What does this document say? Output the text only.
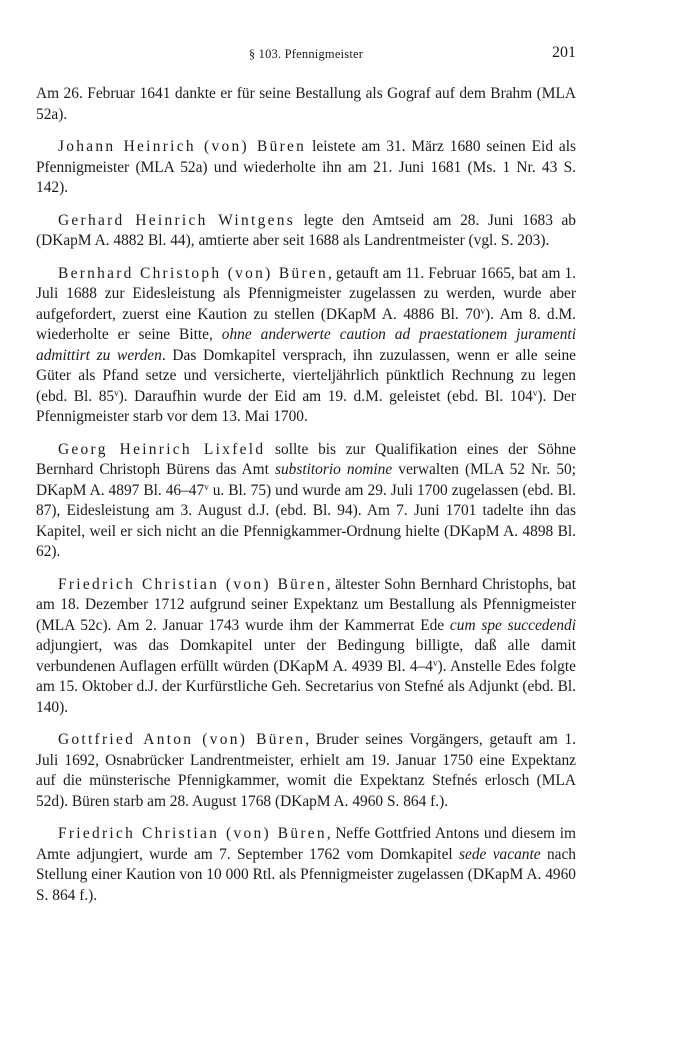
§ 103. Pfennigmeister	201

Am 26. Februar 1641 dankte er für seine Bestallung als Gograf auf dem Brahm (MLA 52a).

Johann Heinrich (von) Büren leistete am 31. März 1680 seinen Eid als Pfennigmeister (MLA 52a) und wiederholte ihn am 21. Juni 1681 (Ms. 1 Nr. 43 S. 142).

Gerhard Heinrich Wintgens legte den Amtseid am 28. Juni 1683 ab (DKapM A. 4882 Bl. 44), amtierte aber seit 1688 als Landrentmeister (vgl. S. 203).

Bernhard Christoph (von) Büren, getauft am 11. Februar 1665, bat am 1. Juli 1688 zur Eidesleistung als Pfennigmeister zugelassen zu werden, wurde aber aufgefordert, zuerst eine Kaution zu stellen (DKapM A. 4886 Bl. 70$^v$). Am 8. d.M. wiederholte er seine Bitte, ohne anderwerte caution ad praestationem juramenti admittirt zu werden. Das Domkapitel versprach, ihn zuzulassen, wenn er alle seine Güter als Pfand setze und versicherte, vierteljährlich pünktlich Rechnung zu legen (ebd. Bl. 85$^v$). Daraufhin wurde der Eid am 19. d.M. geleistet (ebd. Bl. 104$^v$). Der Pfennigmeister starb vor dem 13. Mai 1700.

Georg Heinrich Lixfeld sollte bis zur Qualifikation eines der Söhne Bernhard Christoph Bürens das Amt substitorio nomine verwalten (MLA 52 Nr. 50; DKapM A. 4897 Bl. 46–47$^v$ u. Bl. 75) und wurde am 29. Juli 1700 zugelassen (ebd. Bl. 87), Eidesleistung am 3. August d.J. (ebd. Bl. 94). Am 7. Juni 1701 tadelte ihn das Kapitel, weil er sich nicht an die Pfennigkammer-Ordnung hielte (DKapM A. 4898 Bl. 62).

Friedrich Christian (von) Büren, ältester Sohn Bernhard Christophs, bat am 18. Dezember 1712 aufgrund seiner Expektanz um Bestallung als Pfennigmeister (MLA 52c). Am 2. Januar 1743 wurde ihm der Kammerrat Ede cum spe succedendi adjungiert, was das Domkapitel unter der Bedingung billigte, daß alle damit verbundenen Auflagen erfüllt würden (DKapM A. 4939 Bl. 4–4$^v$). Anstelle Edes folgte am 15. Oktober d.J. der Kurfürstliche Geh. Secretarius von Stefné als Adjunkt (ebd. Bl. 140).

Gottfried Anton (von) Büren, Bruder seines Vorgängers, getauft am 1. Juli 1692, Osnabrücker Landrentmeister, erhielt am 19. Januar 1750 eine Expektanz auf die münsterische Pfennigkammer, womit die Expektanz Stefnés erlosch (MLA 52d). Büren starb am 28. August 1768 (DKapM A. 4960 S. 864 f.).

Friedrich Christian (von) Büren, Neffe Gottfried Antons und diesem im Amte adjungiert, wurde am 7. September 1762 vom Domkapitel sede vacante nach Stellung einer Kaution von 10 000 Rtl. als Pfennigmeister zugelassen (DKapM A. 4960 S. 864 f.).
